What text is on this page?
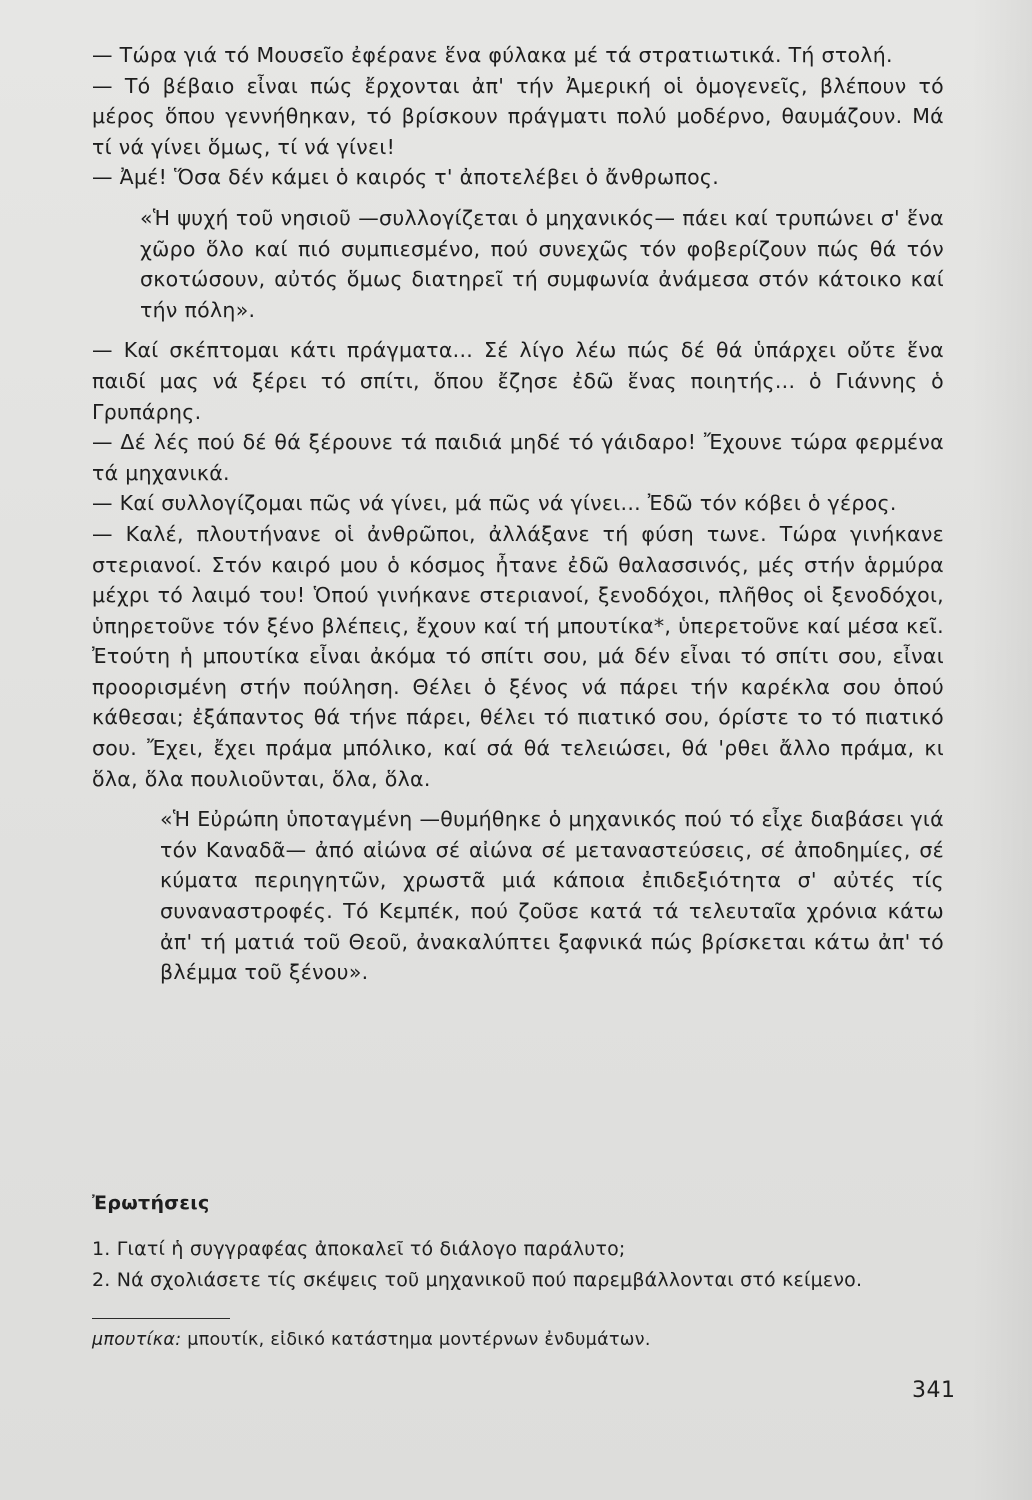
— Τώρα γιά τό Μουσεῖο ἐφέρανε ἕνα φύλακα μέ τά στρατιωτικά. Τή στολή.

— Τό βέβαιο εἶναι πώς ἔρχονται ἀπ' τήν Ἀμερική οἱ ὁμογενεῖς, βλέπουν τό μέρος ὅπου γεννήθηκαν, τό βρίσκουν πράγματι πολύ μοδέρνο, θαυμάζουν. Μά τί νά γίνει ὅμως, τί νά γίνει!

— Ἀμέ! Ὅσα δέν κάμει ὁ καιρός τ' ἀποτελέβει ὁ ἄνθρωπος.

«Ἡ ψυχή τοῦ νησιοῦ —συλλογίζεται ὁ μηχανικός— πάει καί τρυπώνει σ' ἕνα χῶρο ὅλο καί πιό συμπιεσμένο, πού συνεχῶς τόν φοβερίζουν πώς θά τόν σκοτώσουν, αὐτός ὅμως διατηρεῖ τή συμφωνία ἀνάμεσα στόν κάτοικο καί τήν πόλη».

— Καί σκέπτομαι κάτι πράγματα... Σέ λίγο λέω πώς δέ θά ὑπάρχει οὔτε ἕνα παιδί μας νά ξέρει τό σπίτι, ὅπου ἔζησε ἐδῶ ἕνας ποιητής... ὁ Γιάννης ὁ Γρυπάρης.

— Δέ λές πού δέ θά ξέρουνε τά παιδιά μηδέ τό γάιδαρο! Ἔχουνε τώρα φερμένα τά μηχανικά.

— Καί συλλογίζομαι πῶς νά γίνει, μά πῶς νά γίνει... Ἐδῶ τόν κόβει ὁ γέρος.

— Καλέ, πλουτήνανε οἱ ἀνθρῶποι, ἀλλάξανε τή φύση τωνε. Τώρα γινήκανε στεριανοί. Στόν καιρό μου ὁ κόσμος ἦτανε ἐδῶ θαλασσινός, μές στήν ἁρμύρα μέχρι τό λαιμό του! Ὁπού γινήκανε στεριανοί, ξενοδόχοι, πλῆθος οἱ ξενοδόχοι, ὑπηρετοῦνε τόν ξένο βλέπεις, ἔχουν καί τή μπουτίκα*, ὑπερετοῦνε καί μέσα κεῖ. Ἐτούτη ἡ μπουτίκα εἶναι ἀκόμα τό σπίτι σου, μά δέν εἶναι τό σπίτι σου, εἶναι προορισμένη στήν πούληση. Θέλει ὁ ξένος νά πάρει τήν καρέκλα σου ὁπού κάθεσαι; ἐξάπαντος θά τήνε πάρει, θέλει τό πιατικό σου, όρίστε το τό πιατικό σου. Ἔχει, ἔχει πράμα μπόλικο, καί σά θά τελειώσει, θά 'ρθει ἄλλο πράμα, κι ὅλα, ὅλα πουλιοῦνται, ὅλα, ὅλα.

«Ἡ Εὐρώπη ὑποταγμένη —θυμήθηκε ὁ μηχανικός πού τό εἶχε διαβάσει γιά τόν Καναδᾶ— ἀπό αἰώνα σέ αἰώνα σέ μεταναστεύσεις, σέ ἀποδημίες, σέ κύματα περιηγητῶν, χρωστᾶ μιά κάποια ἐπιδεξιότητα σ' αὐτές τίς συναναστροφές. Τό Κεμπέκ, πού ζοῦσε κατά τά τελευταῖα χρόνια κάτω ἀπ' τή ματιά τοῦ Θεοῦ, ἀνακαλύπτει ξαφνικά πώς βρίσκεται κάτω ἀπ' τό βλέμμα τοῦ ξένου».

Ἐρωτήσεις
1. Γιατί ἡ συγγραφέας ἀποκαλεῖ τό διάλογο παράλυτο;
2. Νά σχολιάσετε τίς σκέψεις τοῦ μηχανικοῦ πού παρεμβάλλονται στό κείμενο.
μπουτίκα: μπουτίκ, εἰδικό κατάστημα μοντέρνων ἐνδυμάτων.
341
